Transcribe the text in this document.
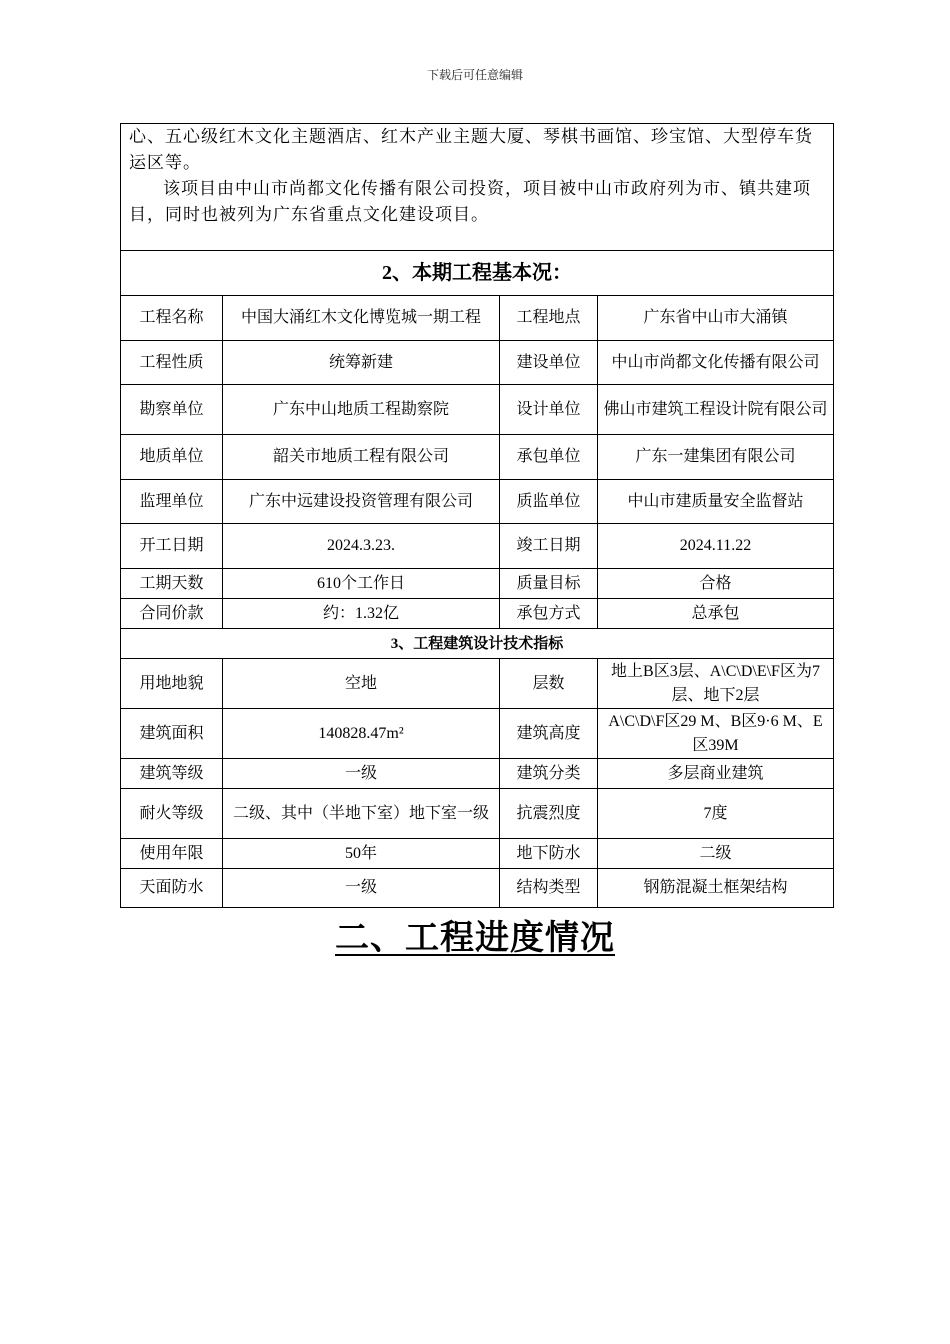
下载后可任意编辑

心、五心级红木文化主题酒店、红木产业主题大厦、琴棋书画馆、珍宝馆、大型停车货运区等。

该项目由中山市尚都文化传播有限公司投资，项目被中山市政府列为市、镇共建项目，同时也被列为广东省重点文化建设项目。			

2、本期工程基本况：			
工程名称	中国大涌红木文化博览城一期工程	工程地点	广东省中山市大涌镇
工程性质	统筹新建	建设单位	中山市尚都文化传播有限公司
勘察单位	广东中山地质工程勘察院	设计单位	佛山市建筑工程设计院有限公司
地质单位	韶关市地质工程有限公司	承包单位	广东一建集团有限公司
监理单位	广东中远建设投资管理有限公司	质监单位	中山市建质量安全监督站
开工日期	2024.3.23.	竣工日期	2024.11.22
工期天数	610个工作日	质量目标	合格
合同价款	约：1.32亿	承包方式	总承包
3、工程建筑设计技术指标			
用地地貌	空地	层数	地上B区3层、A\C\D\E\F区为7层、地下2层
建筑面积	140828.47m²	建筑高度	A\C\D\F区29 M、B区9·6 M、E区39M
建筑等级	一级	建筑分类	多层商业建筑
耐火等级	二级、其中（半地下室）地下室一级	抗震烈度	7度
使用年限	50年	地下防水	二级
天面防水	一级	结构类型	钢筋混凝土框架结构
二、工程进度情况
